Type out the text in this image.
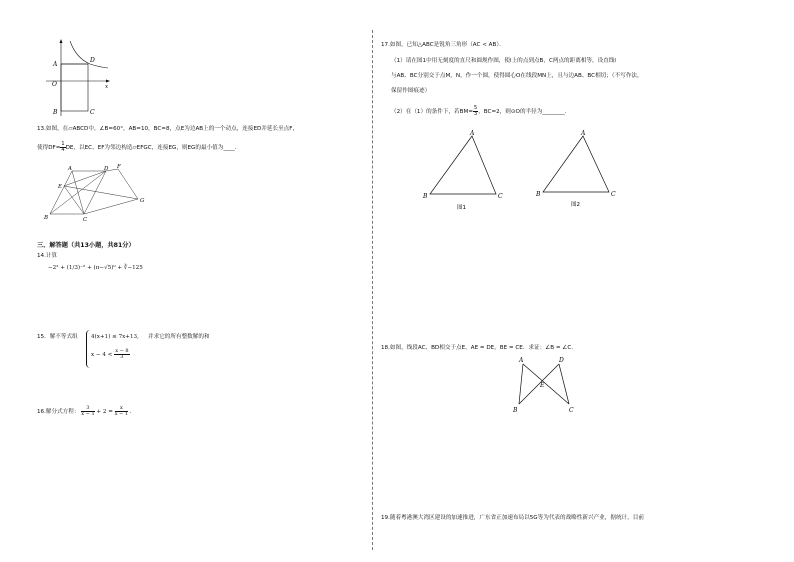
A
D
O	x
B	C
13.如图，在▱ABCD中，∠B=60°，AB=10，BC=8，点E为边AB上的一个动点，连接ED并延长至点F，
使得$DF= \frac{1}{4}$ DE，以EC、EF为邻边构造▱EFGC，连接EG，则EG的最小值为____．
A	D F
E
B	C
G
三、解答题（共13小题，共81分）
14.计算
−2² + (1/3)⁻² + (π−√5)⁰ + ∛−125
15．解不等式组 4(x+1) ≤ 7x+13, 并求它的所有整数解的和
$x - 4 < \frac{x - 8}{3}$
16.解分式方程： $\frac{3}{x - 1} + 2 = \frac{x}{x - 1}$ ．
17.如图，已知△ABC是锐角三角形（AC < AB）．
（1）请在图1中用无刻度的直尺和圆规作图，使l上的点到点B，C两点的距离相等，设直线l
与AB、BC分别交于点M，N，作一个圆，使得圆心O在线段MN上，且与边AB、BC相切；（不写作法，
保留作图痕迹）
（2）在（1）的条件下，若$BM= \frac{5}{3}$ ，BC=2，则⊙O的半径为________．
A
B	C
图1
A
B	C
图2
18.如图，线段AC、BD相交于点E，AE = DE，BE = CE．求证：∠B = ∠C．
A	D
E
B	C
19.随着粤港澳大湾区建设的加速推进，广东省正加速布局以5G等为代表的战略性新兴产业，据统计，目前
